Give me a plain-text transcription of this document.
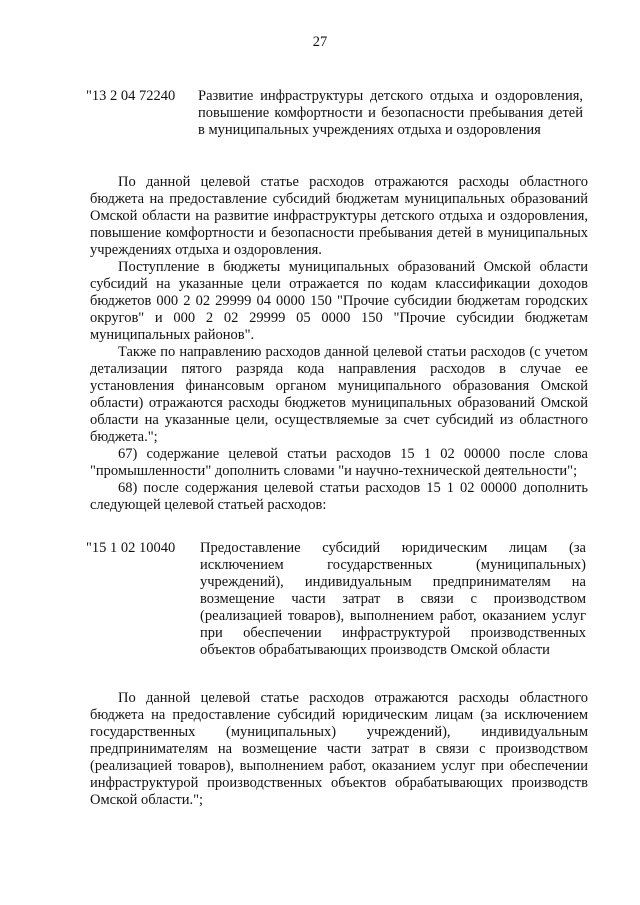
27
"13 2 04 72240	Развитие инфраструктуры детского отдыха и оздоровления, повышение комфортности и безопасности пребывания детей в муниципальных учреждениях отдыха и оздоровления

По данной целевой статье расходов отражаются расходы областного бюджета на предоставление субсидий бюджетам муниципальных образований Омской области на развитие инфраструктуры детского отдыха и оздоровления, повышение комфортности и безопасности пребывания детей в муниципальных учреждениях отдыха и оздоровления.

Поступление в бюджеты муниципальных образований Омской области субсидий на указанные цели отражается по кодам классификации доходов бюджетов 000 2 02 29999 04 0000 150 "Прочие субсидии бюджетам городских округов" и 000 2 02 29999 05 0000 150 "Прочие субсидии бюджетам муниципальных районов".

Также по направлению расходов данной целевой статьи расходов (с учетом детализации пятого разряда кода направления расходов в случае ее установления финансовым органом муниципального образования Омской области) отражаются расходы бюджетов муниципальных образований Омской области на указанные цели, осуществляемые за счет субсидий из областного бюджета.";

67) содержание целевой статьи расходов 15 1 02 00000 после слова "промышленности" дополнить словами "и научно-технической деятельности";

68) после содержания целевой статьи расходов 15 1 02 00000 дополнить следующей целевой статьей расходов:

"15 1 02 10040	Предоставление субсидий юридическим лицам (за исключением государственных (муниципальных) учреждений), индивидуальным предпринимателям на возмещение части затрат в связи с производством (реализацией товаров), выполнением работ, оказанием услуг при обеспечении инфраструктурой производственных объектов обрабатывающих производств Омской области

По данной целевой статье расходов отражаются расходы областного бюджета на предоставление субсидий юридическим лицам (за исключением государственных (муниципальных) учреждений), индивидуальным предпринимателям на возмещение части затрат в связи с производством (реализацией товаров), выполнением работ, оказанием услуг при обеспечении инфраструктурой производственных объектов обрабатывающих производств Омской области.";
